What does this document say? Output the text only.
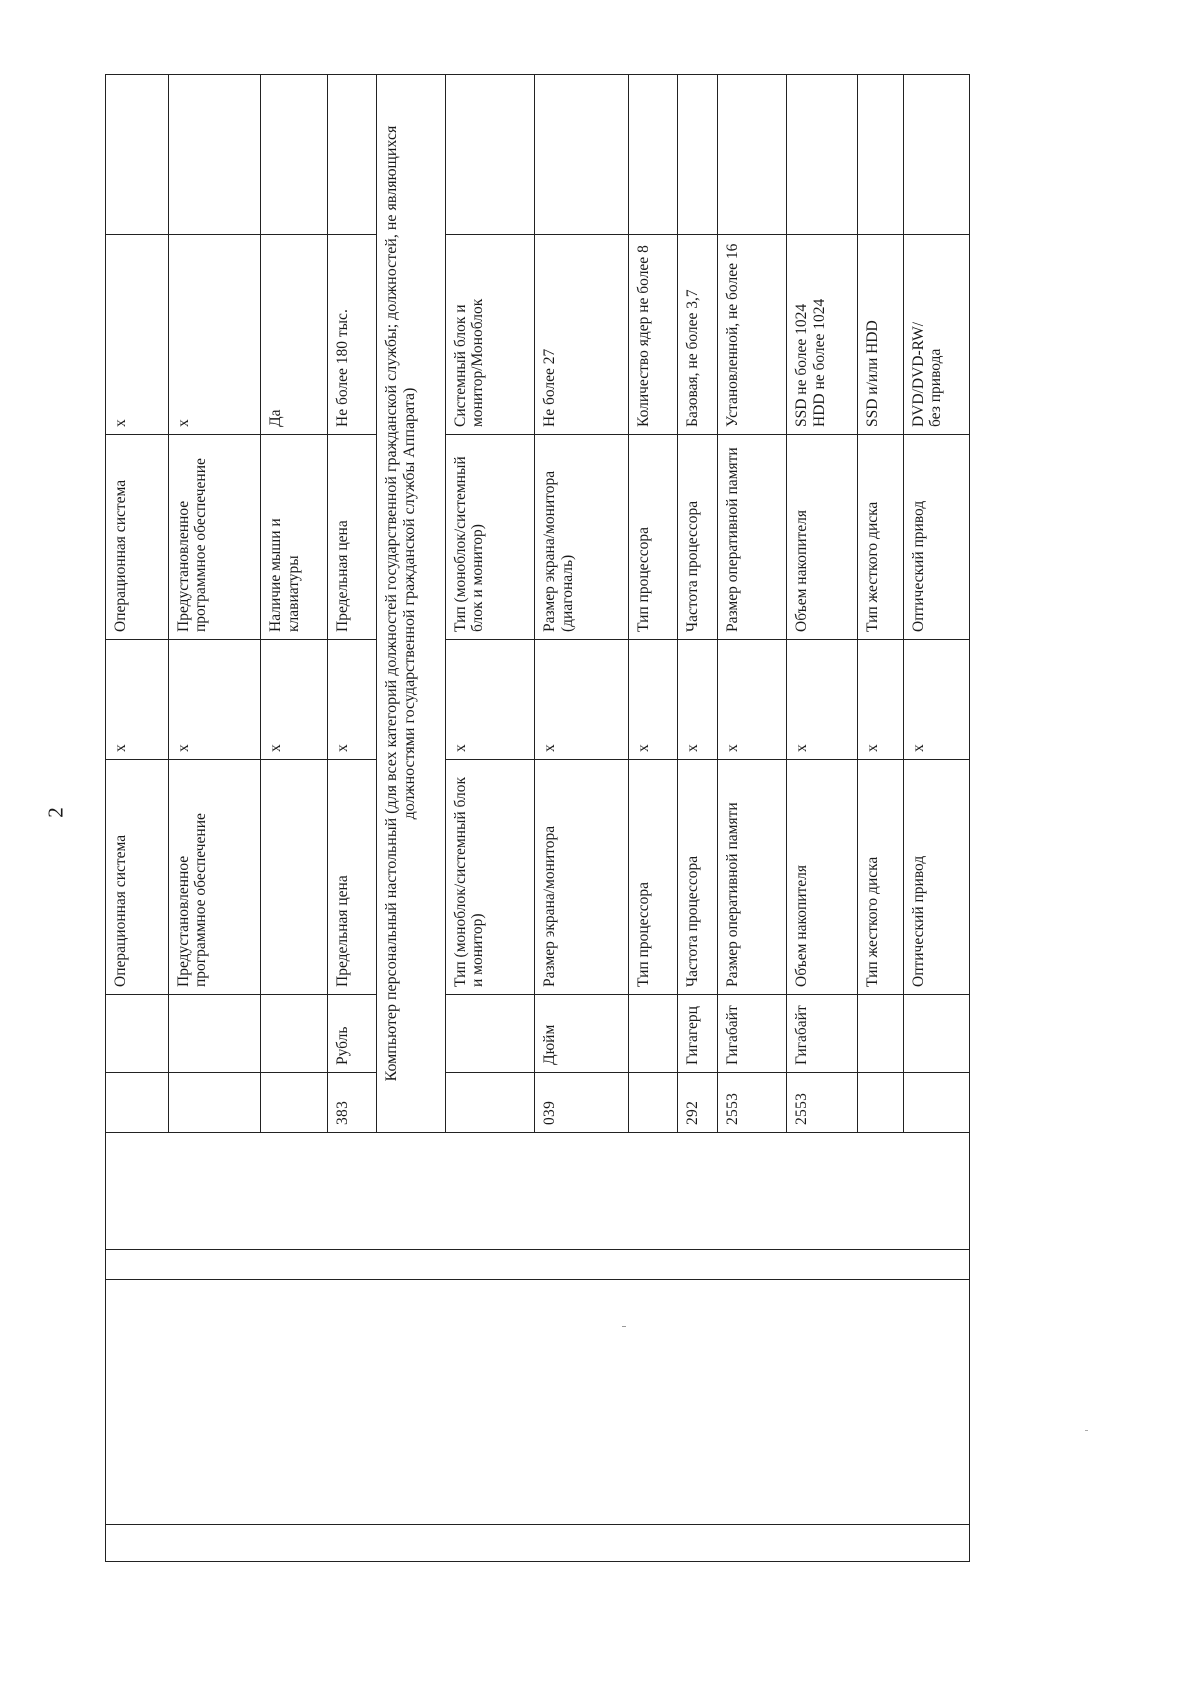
2
						Операционная система	x	Операционная система	x	
						Предустановленное программное обеспечение	x	Предустановленное программное обеспечение	x	
							x	Наличие мыши и клавиатуры	Да	
				383	Рубль	Предельная цена	x	Предельная цена	Не более 180 тыс.	
				Компьютер персональный настольный (для всех категорий должностей государственной гражданской службы; должностей, не являющихся должностями государственной гражданской службы Аппарата)						
						Тип (моноблок/системный блок и монитор)	x	Тип (моноблок/системный блок и монитор)	Системный блок и монитор/Моноблок	
				039	Дюйм	Размер экрана/монитора	x	Размер экрана/монитора (диагональ)	Не более 27	
						Тип процессора	x	Тип процессора	Количество ядер не более 8	
				292	Гигагерц	Частота процессора	x	Частота процессора	Базовая, не более 3,7	
				2553	Гигабайт	Размер оперативной памяти	x	Размер оперативной памяти	Установленной, не более 16	
				2553	Гигабайт	Объем накопителя	x	Объем накопителя	SSD не более 1024
HDD не более 1024	
						Тип жесткого диска	x	Тип жесткого диска	SSD и/или HDD	
						Оптический привод	x	Оптический привод	DVD/DVD-RW/
без привода	
